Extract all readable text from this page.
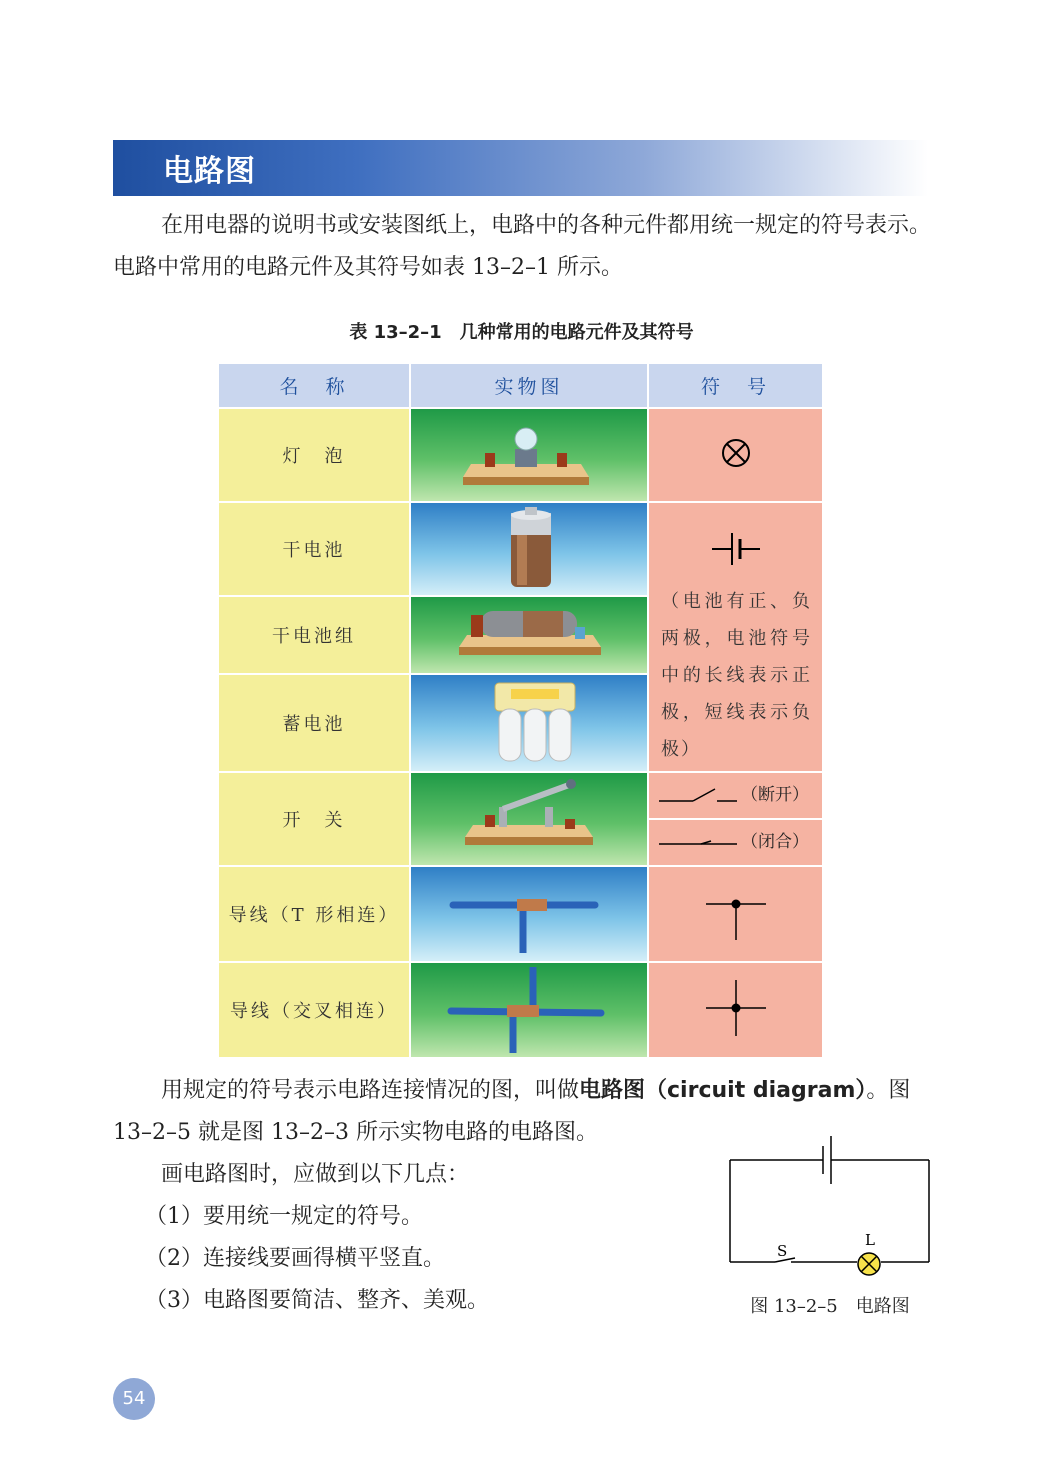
电路图

在用电器的说明书或安装图纸上，电路中的各种元件都用统一规定的符号表示。电路中常用的电路元件及其符号如表 13–2–1 所示。

表 13–2–1　几种常用的电路元件及其符号
名　称	实物图	符　号
灯　泡		
干电池		（电池有正、负两极，电池符号中的长线表示正极，短线表示负极）

干电池组	
蓄电池	
开　关		（断开）
		（闭合）
导线（T 形相连）		
导线（交叉相连）		

用规定的符号表示电路连接情况的图，叫做电路图（circuit diagram）。图 13–2–5 就是图 13–2–3 所示实物电路的电路图。

画电路图时，应做到以下几点：

（1）要用统一规定的符号。

（2）连接线要画得横平竖直。

（3）电路图要简洁、整齐、美观。

S
L
图 13–2–5　电路图
54
